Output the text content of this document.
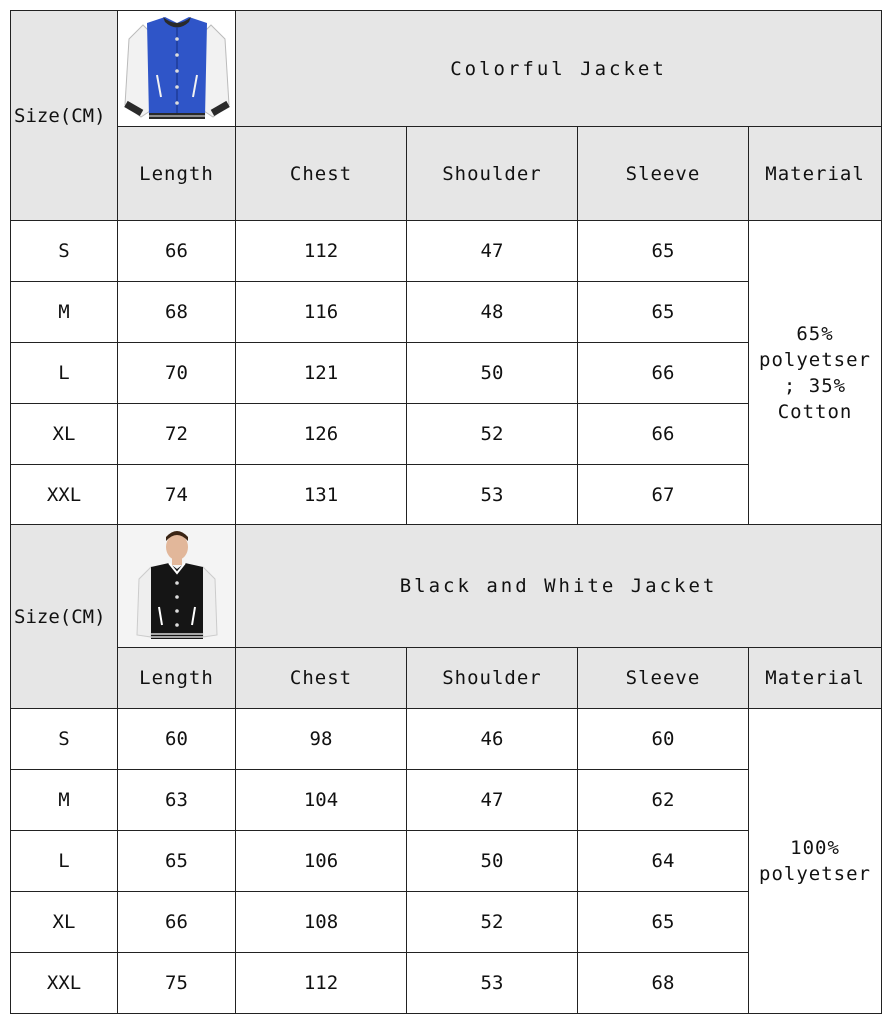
Size(CM)		Colorful Jacket			
	Length	Chest	Shoulder	Sleeve	Material
S	66	112	47	65	65%
polyetser
; 35%
Cotton

M	68	116	48	65	
L	70	121	50	66	
XL	72	126	52	66	
XXL	74	131	53	67	
Size(CM)		Black and White Jacket			
	Length	Chest	Shoulder	Sleeve	Material
S	60	98	46	60	100%
polyetser

M	63	104	47	62	
L	65	106	50	64	
XL	66	108	52	65	
XXL	75	112	53	68	
